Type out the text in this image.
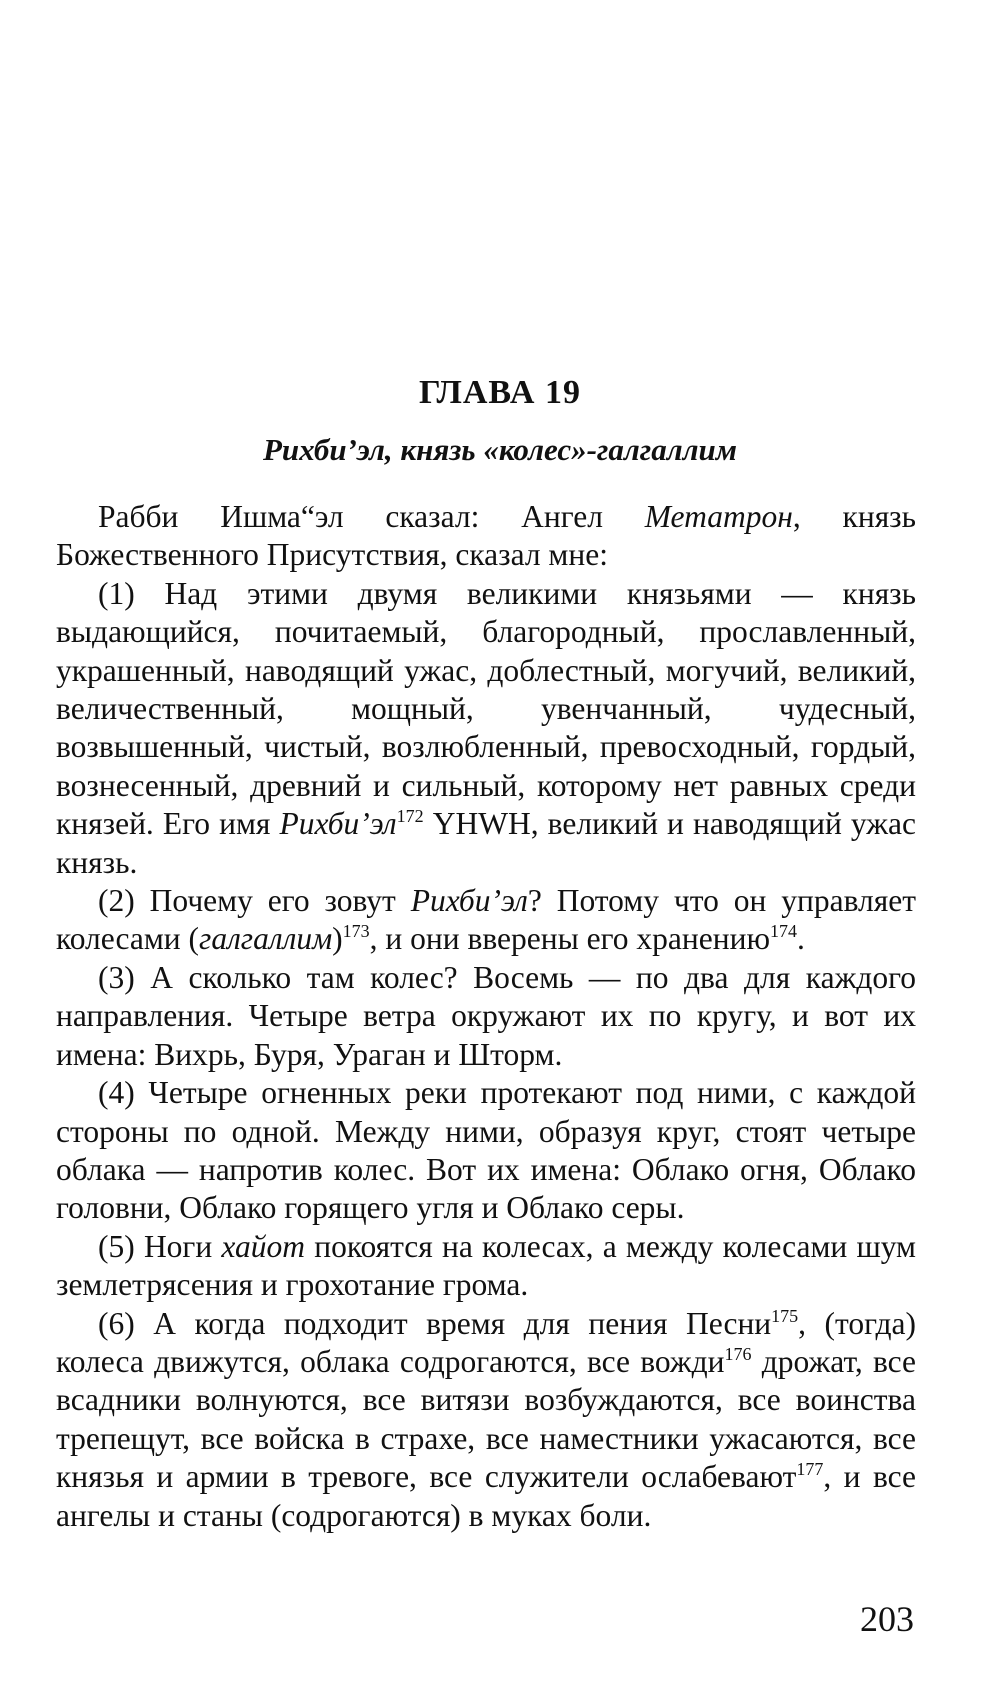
ГЛАВА 19
Рихби’эл, князь «колес»-галгаллим

Рабби Ишма“эл сказал: Ангел Метатрон, князь Божественного Присутствия, сказал мне:

(1) Над этими двумя великими князьями — князь выдающийся, почитаемый, благородный, прославленный, украшенный, наводящий ужас, доблестный, могучий, великий, величественный, мощный, увенчанный, чудесный, возвышенный, чистый, возлюбленный, превосходный, гордый, вознесенный, древний и сильный, которому нет равных среди князей. Его имя $Рихби’эл^{172}$ YHWH, великий и наводящий ужас князь.

(2) Почему его зовут Рихби’эл? Потому что он управляет колесами (галгаллим)$^{173}$, и они вверены его хранению$^{174}$.

(3) А сколько там колес? Восемь — по два для каждого направления. Четыре ветра окружают их по кругу, и вот их имена: Вихрь, Буря, Ураган и Шторм.

(4) Четыре огненных реки протекают под ними, с каждой стороны по одной. Между ними, образуя круг, стоят четыре облака — напротив колес. Вот их имена: Облако огня, Облако головни, Облако горящего угля и Облако серы.

(5) Ноги хайот покоятся на колесах, а между колесами шум землетрясения и грохотание грома.

(6) А когда подходит время для пения Песни$^{175}$, (тогда) колеса движутся, облака содрогаются, все вожди$^{176}$ дрожат, все всадники волнуются, все витязи возбуждаются, все воинства трепещут, все войска в страхе, все наместники ужасаются, все князья и армии в тревоге, все служители ослабевают$^{177}$, и все ангелы и станы (содрогаются) в муках боли.

203
